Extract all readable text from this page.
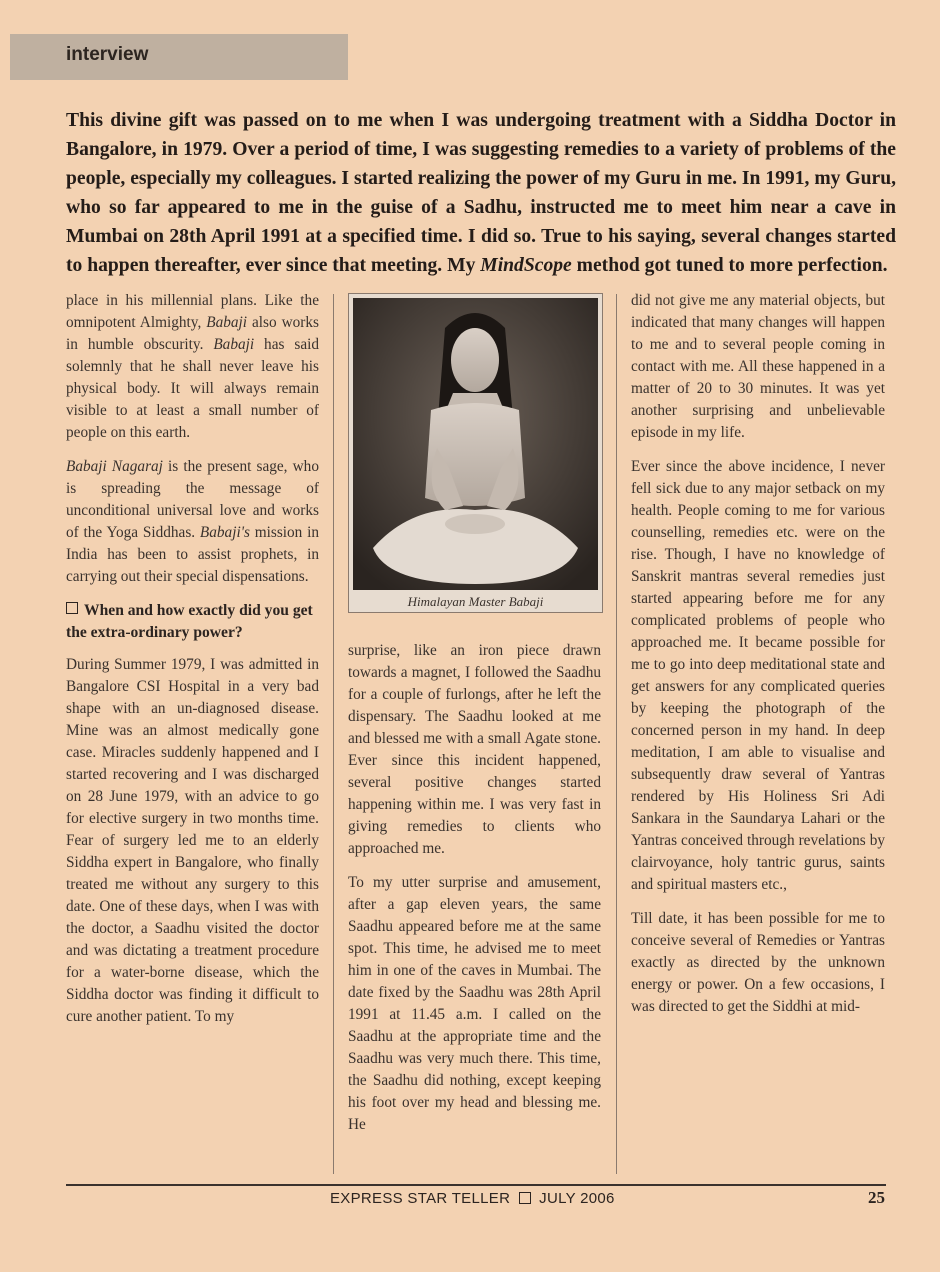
interview
This divine gift was passed on to me when I was undergoing treatment with a Siddha Doctor in Bangalore, in 1979. Over a period of time, I was suggesting remedies to a variety of problems of the people, especially my colleagues. I started realizing the power of my Guru in me. In 1991, my Guru, who so far appeared to me in the guise of a Sadhu, instructed me to meet him near a cave in Mumbai on 28th April 1991 at a specified time. I did so. True to his saying, several changes started to happen thereafter, ever since that meeting. My MindScope method got tuned to more perfection.

place in his millennial plans. Like the omnipotent Almighty, Babaji also works in humble obscurity. Babaji has said solemnly that he shall never leave his physical body. It will always remain visible to at least a small number of people on this earth.

Babaji Nagaraj is the present sage, who is spreading the message of unconditional universal love and works of the Yoga Siddhas. Babaji's mission in India has been to assist prophets, in carrying out their special dispensations.

When and how exactly did you get the extra-ordinary power?

During Summer 1979, I was admitted in Bangalore CSI Hospital in a very bad shape with an un-diagnosed disease. Mine was an almost medically gone case. Miracles suddenly happened and I started recovering and I was discharged on 28 June 1979, with an advice to go for elective surgery in two months time. Fear of surgery led me to an elderly Siddha expert in Bangalore, who finally treated me without any surgery to this date. One of these days, when I was with the doctor, a Saadhu visited the doctor and was dictating a treatment procedure for a water-borne disease, which the Siddha doctor was finding it difficult to cure another patient. To my

Himalayan Master Babaji

surprise, like an iron piece drawn towards a magnet, I followed the Saadhu for a couple of furlongs, after he left the dispensary. The Saadhu looked at me and blessed me with a small Agate stone. Ever since this incident happened, several positive changes started happening within me. I was very fast in giving remedies to clients who approached me.

To my utter surprise and amusement, after a gap eleven years, the same Saadhu appeared before me at the same spot. This time, he advised me to meet him in one of the caves in Mumbai. The date fixed by the Saadhu was 28th April 1991 at 11.45 a.m. I called on the Saadhu at the appropriate time and the Saadhu was very much there. This time, the Saadhu did nothing, except keeping his foot over my head and blessing me. He

did not give me any material objects, but indicated that many changes will happen to me and to several people coming in contact with me. All these happened in a matter of 20 to 30 minutes. It was yet another surprising and unbelievable episode in my life.

Ever since the above incidence, I never fell sick due to any major setback on my health. People coming to me for various counselling, remedies etc. were on the rise. Though, I have no knowledge of Sanskrit mantras several remedies just started appearing before me for any complicated problems of people who approached me. It became possible for me to go into deep meditational state and get answers for any complicated queries by keeping the photograph of the concerned person in my hand. In deep meditation, I am able to visualise and subsequently draw several of Yantras rendered by His Holiness Sri Adi Sankara in the Saundarya Lahari or the Yantras conceived through revelations by clairvoyance, holy tantric gurus, saints and spiritual masters etc.,

Till date, it has been possible for me to conceive several of Remedies or Yantras exactly as directed by the unknown energy or power. On a few occasions, I was directed to get the Siddhi at mid-

EXPRESS STAR TELLER JULY 2006	25
